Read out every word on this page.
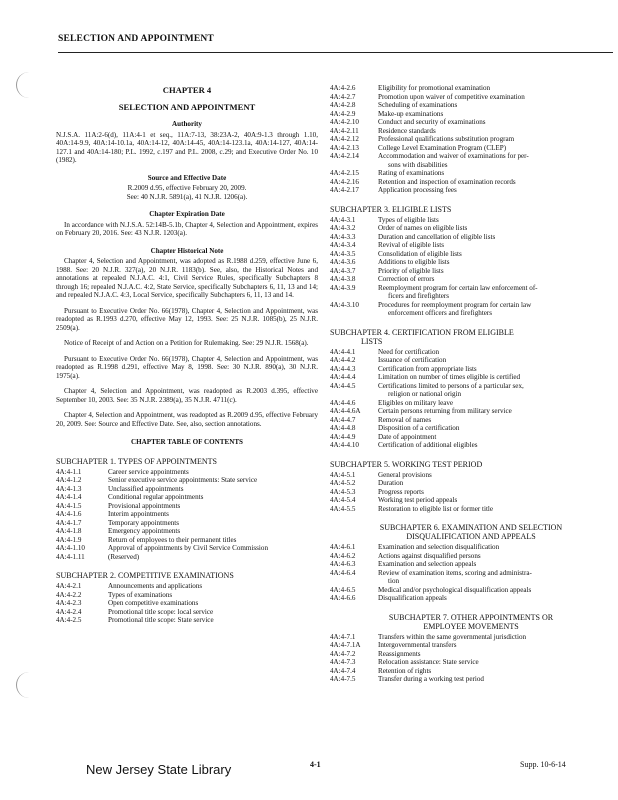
SELECTION AND APPOINTMENT
CHAPTER 4
SELECTION AND APPOINTMENT
Authority

N.J.S.A. 11A:2-6(d), 11A:4-1 et seq., 11A:7-13, 38:23A-2, 40A:9-1.3 through 1.10, 40A:14-9.9, 40A:14-10.1a, 40A:14-12, 40A:14-45, 40A:14-123.1a, 40A:14-127, 40A:14-127.1 and 40A:14-180; P.L. 1992, c.197 and P.L. 2008, c.29; and Executive Order No. 10 (1982).

Source and Effective Date

R.2009 d.95, effective February 20, 2009.

See: 40 N.J.R. 5891(a), 41 N.J.R. 1206(a).

Chapter Expiration Date

In accordance with N.J.S.A. 52:14B-5.1b, Chapter 4, Selection and Appointment, expires on February 20, 2016. See: 43 N.J.R. 1203(a).

Chapter Historical Note

Chapter 4, Selection and Appointment, was adopted as R.1988 d.259, effective June 6, 1988. See: 20 N.J.R. 327(a), 20 N.J.R. 1183(b). See, also, the Historical Notes and annotations at repealed N.J.A.C. 4:1, Civil Service Rules, specifically Subchapters 8 through 16; repealed N.J.A.C. 4:2, State Service, specifically Subchapters 6, 11, 13 and 14; and repealed N.J.A.C. 4:3, Local Service, specifically Subchapters 6, 11, 13 and 14.

Pursuant to Executive Order No. 66(1978), Chapter 4, Selection and Appointment, was readopted as R.1993 d.270, effective May 12, 1993. See: 25 N.J.R. 1085(b), 25 N.J.R. 2509(a).

Notice of Receipt of and Action on a Petition for Rulemaking. See: 29 N.J.R. 1568(a).

Pursuant to Executive Order No. 66(1978), Chapter 4, Selection and Appointment, was readopted as R.1998 d.291, effective May 8, 1998. See: 30 N.J.R. 890(a), 30 N.J.R. 1975(a).

Chapter 4, Selection and Appointment, was readopted as R.2003 d.395, effective September 10, 2003. See: 35 N.J.R. 2389(a), 35 N.J.R. 4711(c).

Chapter 4, Selection and Appointment, was readopted as R.2009 d.95, effective February 20, 2009. See: Source and Effective Date. See, also, section annotations.

CHAPTER TABLE OF CONTENTS
SUBCHAPTER 1. TYPES OF APPOINTMENTS
4A:4-1.1	Career service appointments
4A:4-1.2	Senior executive service appointments: State service
4A:4-1.3	Unclassified appointments
4A:4-1.4	Conditional regular appointments
4A:4-1.5	Provisional appointments
4A:4-1.6	Interim appointments
4A:4-1.7	Temporary appointments
4A:4-1.8	Emergency appointments
4A:4-1.9	Return of employees to their permanent titles
4A:4-1.10	Approval of appointments by Civil Service Commission
4A:4-1.11	(Reserved)
SUBCHAPTER 2. COMPETITIVE EXAMINATIONS
4A:4-2.1	Announcements and applications
4A:4-2.2	Types of examinations
4A:4-2.3	Open competitive examinations
4A:4-2.4	Promotional title scope: local service
4A:4-2.5	Promotional title scope: State service
4A:4-2.6	Eligibility for promotional examination
4A:4-2.7	Promotion upon waiver of competitive examination
4A:4-2.8	Scheduling of examinations
4A:4-2.9	Make-up examinations
4A:4-2.10	Conduct and security of examinations
4A:4-2.11	Residence standards
4A:4-2.12	Professional qualifications substitution program
4A:4-2.13	College Level Examination Program (CLEP)
4A:4-2.14	Accommodation and waiver of examinations for per-
sons with disabilities
4A:4-2.15	Rating of examinations
4A:4-2.16	Retention and inspection of examination records
4A:4-2.17	Application processing fees
SUBCHAPTER 3. ELIGIBLE LISTS
4A:4-3.1	Types of eligible lists
4A:4-3.2	Order of names on eligible lists
4A:4-3.3	Duration and cancellation of eligible lists
4A:4-3.4	Revival of eligible lists
4A:4-3.5	Consolidation of eligible lists
4A:4-3.6	Additions to eligible lists
4A:4-3.7	Priority of eligible lists
4A:4-3.8	Correction of errors
4A:4-3.9	Reemployment program for certain law enforcement of-
ficers and firefighters
4A:4-3.10	Procedures for reemployment program for certain law
enforcement officers and firefighters
SUBCHAPTER 4. CERTIFICATION FROM ELIGIBLE
LISTS
4A:4-4.1	Need for certification
4A:4-4.2	Issuance of certification
4A:4-4.3	Certification from appropriate lists
4A:4-4.4	Limitation on number of times eligible is certified
4A:4-4.5	Certifications limited to persons of a particular sex,
religion or national origin
4A:4-4.6	Eligibles on military leave
4A:4-4.6A	Certain persons returning from military service
4A:4-4.7	Removal of names
4A:4-4.8	Disposition of a certification
4A:4-4.9	Date of appointment
4A:4-4.10	Certification of additional eligibles
SUBCHAPTER 5. WORKING TEST PERIOD
4A:4-5.1	General provisions
4A:4-5.2	Duration
4A:4-5.3	Progress reports
4A:4-5.4	Working test period appeals
4A:4-5.5	Restoration to eligible list or former title
SUBCHAPTER 6. EXAMINATION AND SELECTION
DISQUALIFICATION AND APPEALS
4A:4-6.1	Examination and selection disqualification
4A:4-6.2	Actions against disqualified persons
4A:4-6.3	Examination and selection appeals
4A:4-6.4	Review of examination items, scoring and administra-
tion
4A:4-6.5	Medical and/or psychological disqualification appeals
4A:4-6.6	Disqualification appeals
SUBCHAPTER 7. OTHER APPOINTMENTS OR
EMPLOYEE MOVEMENTS
4A:4-7.1	Transfers within the same governmental jurisdiction
4A:4-7.1A	Intergovernmental transfers
4A:4-7.2	Reassignments
4A:4-7.3	Relocation assistance: State service
4A:4-7.4	Retention of rights
4A:4-7.5	Transfer during a working test period
New Jersey State Library	4-1	Supp. 10-6-14
